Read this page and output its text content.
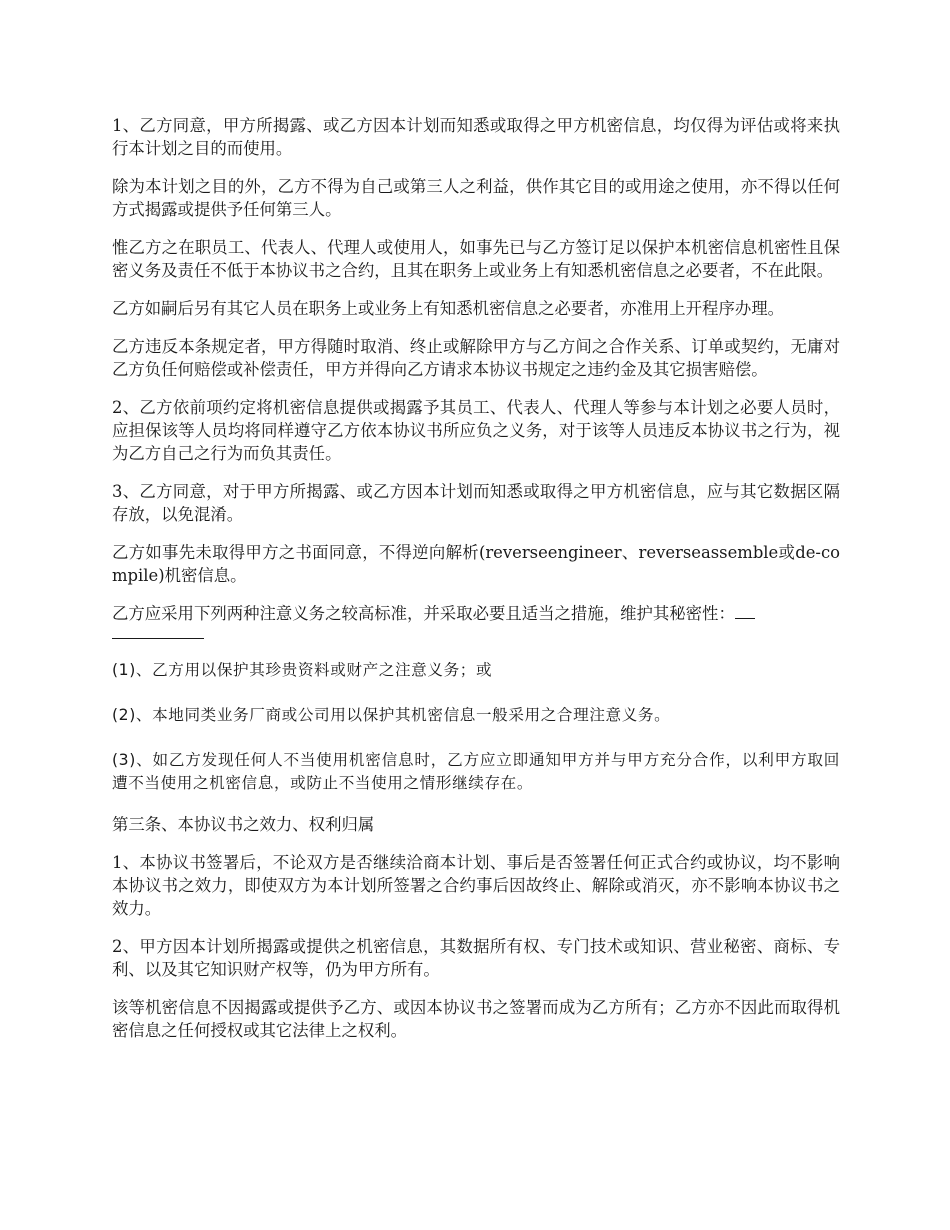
1、乙方同意，甲方所揭露、或乙方因本计划而知悉或取得之甲方机密信息，均仅得为评估或将来执行本计划之目的而使用。

除为本计划之目的外，乙方不得为自己或第三人之利益，供作其它目的或用途之使用，亦不得以任何方式揭露或提供予任何第三人。

惟乙方之在职员工、代表人、代理人或使用人，如事先已与乙方签订足以保护本机密信息机密性且保密义务及责任不低于本协议书之合约，且其在职务上或业务上有知悉机密信息之必要者，不在此限。

乙方如嗣后另有其它人员在职务上或业务上有知悉机密信息之必要者，亦准用上开程序办理。

乙方违反本条规定者，甲方得随时取消、终止或解除甲方与乙方间之合作关系、订单或契约，无庸对乙方负任何赔偿或补偿责任，甲方并得向乙方请求本协议书规定之违约金及其它损害赔偿。

2、乙方依前项约定将机密信息提供或揭露予其员工、代表人、代理人等参与本计划之必要人员时，应担保该等人员均将同样遵守乙方依本协议书所应负之义务，对于该等人员违反本协议书之行为，视为乙方自己之行为而负其责任。

3、乙方同意，对于甲方所揭露、或乙方因本计划而知悉或取得之甲方机密信息，应与其它数据区隔存放，以免混淆。

乙方如事先未取得甲方之书面同意，不得逆向解析(reverseengineer、reverseassemble或de-compile)机密信息。

乙方应采用下列两种注意义务之较高标准，并采取必要且适当之措施，维护其秘密性：

(1)、乙方用以保护其珍贵资料或财产之注意义务；或

(2)、本地同类业务厂商或公司用以保护其机密信息一般采用之合理注意义务。

(3)、如乙方发现任何人不当使用机密信息时，乙方应立即通知甲方并与甲方充分合作，以利甲方取回遭不当使用之机密信息，或防止不当使用之情形继续存在。

第三条、本协议书之效力、权利归属

1、本协议书签署后，不论双方是否继续洽商本计划、事后是否签署任何正式合约或协议，均不影响本协议书之效力，即使双方为本计划所签署之合约事后因故终止、解除或消灭，亦不影响本协议书之效力。

2、甲方因本计划所揭露或提供之机密信息，其数据所有权、专门技术或知识、营业秘密、商标、专利、以及其它知识财产权等，仍为甲方所有。

该等机密信息不因揭露或提供予乙方、或因本协议书之签署而成为乙方所有；乙方亦不因此而取得机密信息之任何授权或其它法律上之权利。
